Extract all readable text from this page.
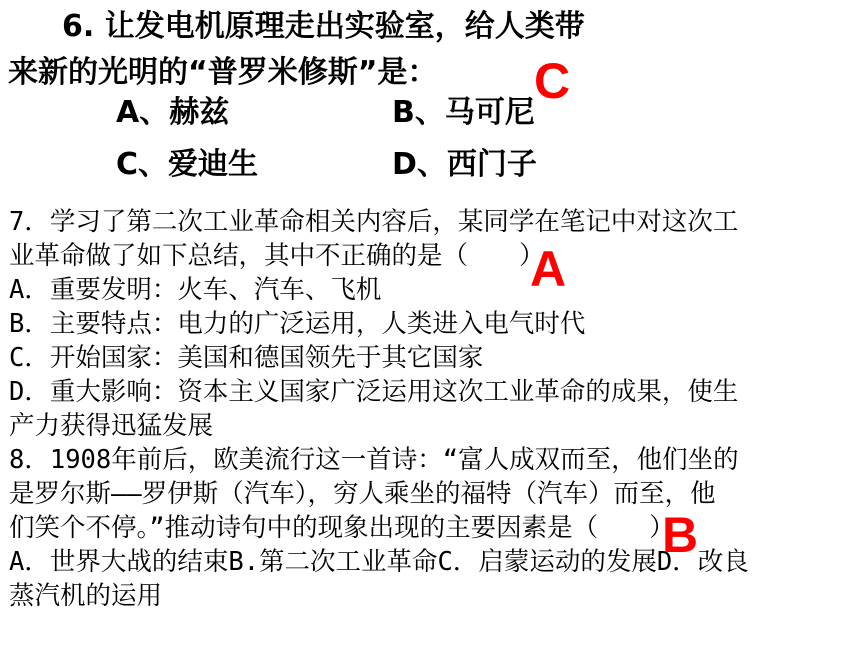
6. 让发电机原理走出实验室，给人类带
来新的光明的“普罗米修斯”是：
A、赫兹	B、马可尼
C、爱迪生	D、西门子
C
7．学习了第二次工业革命相关内容后，某同学在笔记中对这次工
业革命做了如下总结，其中不正确的是（　　）
A．重要发明：火车、汽车、飞机
B．主要特点：电力的广泛运用，人类进入电气时代
C．开始国家：美国和德国领先于其它国家
D．重大影响：资本主义国家广泛运用这次工业革命的成果，使生
产力获得迅猛发展
A
8．1908年前后，欧美流行这一首诗：“富人成双而至，他们坐的
是罗尔斯——罗伊斯（汽车），穷人乘坐的福特（汽车）而至，他
们笑个不停。”推动诗句中的现象出现的主要因素是（　　）
A．世界大战的结束B.第二次工业革命C．启蒙运动的发展D．改良
蒸汽机的运用
B
